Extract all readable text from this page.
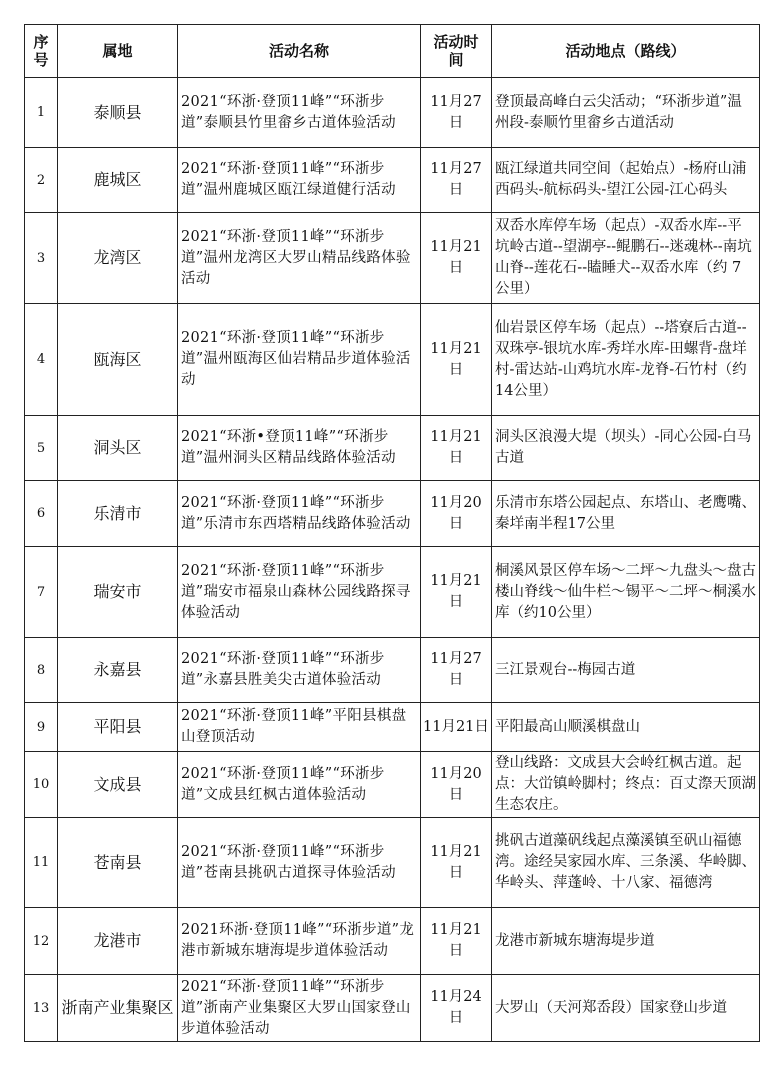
序号	属地	活动名称	活动时间	活动地点（路线）
1	泰顺县	2021“环浙·登顶11峰”“环浙步道”泰顺县竹里畲乡古道体验活动	11月27日	登顶最高峰白云尖活动；“环浙步道”温州段-泰顺竹里畲乡古道活动
2	鹿城区	2021“环浙·登顶11峰”“环浙步道”温州鹿城区瓯江绿道健行活动	11月27日	瓯江绿道共同空间（起始点）-杨府山浦西码头-航标码头-望江公园-江心码头
3	龙湾区	2021“环浙·登顶11峰”“环浙步道”温州龙湾区大罗山精品线路体验活动	11月21日	双岙水库停车场（起点）-双岙水库--平坑岭古道--望湖亭--鲲鹏石--迷魂林--南坑山脊--莲花石--瞌睡犬--双岙水库（约 7 公里）
4	瓯海区	2021“环浙·登顶11峰”“环浙步道”温州瓯海区仙岩精品步道体验活动	11月21日	仙岩景区停车场（起点）--塔寮后古道--双珠亭-银坑水库-秀垟水库-田螺背-盘垟村-雷达站-山鸡坑水库-龙脊-石竹村（约14公里）
5	洞头区	2021“环浙•登顶11峰”“环浙步道”温州洞头区精品线路体验活动	11月21日	洞头区浪漫大堤（坝头）-同心公园-白马古道
6	乐清市	2021“环浙·登顶11峰”“环浙步道”乐清市东西塔精品线路体验活动	11月20日	乐清市东塔公园起点、东塔山、老鹰嘴、秦垟南半程17公里
7	瑞安市	2021“环浙·登顶11峰”“环浙步道”瑞安市福泉山森林公园线路探寻体验活动	11月21日	桐溪风景区停车场～二坪～九盘头～盘古楼山脊线～仙牛栏～锡平～二坪～桐溪水库（约10公里）
8	永嘉县	2021“环浙·登顶11峰”“环浙步道”永嘉县胜美尖古道体验活动	11月27日	三江景观台--梅园古道
9	平阳县	2021“环浙·登顶11峰”平阳县棋盘山登顶活动	11月21日	平阳最高山顺溪棋盘山
10	文成县	2021“环浙·登顶11峰”“环浙步道”文成县红枫古道体验活动	11月20日	登山线路：文成县大会岭红枫古道。起点：大峃镇岭脚村；终点：百丈漈天顶湖生态农庄。
11	苍南县	2021“环浙·登顶11峰”“环浙步道”苍南县挑矾古道探寻体验活动	11月21日	挑矾古道藻矾线起点藻溪镇至矾山福德湾。途经吴家园水库、三条溪、华岭脚、华岭头、萍蓬岭、十八家、福德湾
12	龙港市	2021环浙·登顶11峰”“环浙步道”龙港市新城东塘海堤步道体验活动	11月21日	龙港市新城东塘海堤步道
13	浙南产业集聚区	2021“环浙·登顶11峰”“环浙步道”浙南产业集聚区大罗山国家登山步道体验活动	11月24日	大罗山（天河郑岙段）国家登山步道
